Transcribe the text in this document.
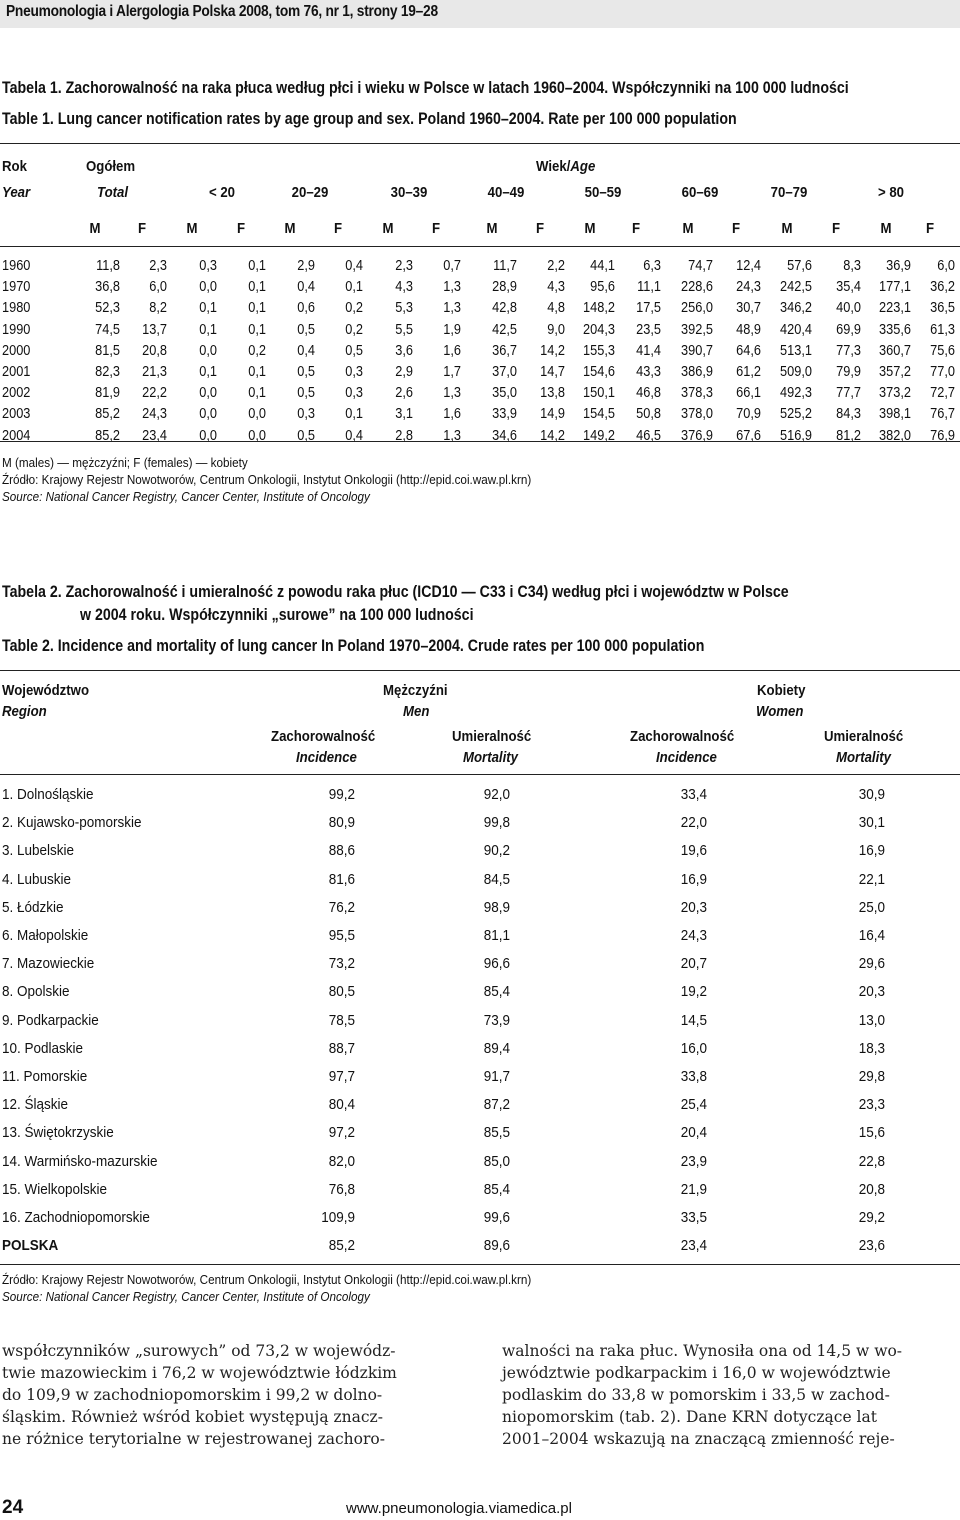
Pneumonologia i Alergologia Polska 2008, tom 76, nr 1, strony 19–28
Tabela 1. Zachorowalność na raka płuca według płci i wieku w Polsce w latach 1960–2004. Współczynniki na 100 000 ludności
Table 1. Lung cancer notification rates by age group and sex. Poland 1960–2004. Rate per 100 000 population
Rok
Year
Ogółem
Total
Wiek/Age
< 20	20–29	30–39	40–49	50–59	60–69	70–79	> 80
M	F	M	F	M	F	M	F	M	F	M	F	M	F	M	F	M	F
1960	11,8	2,3	0,3	0,1	2,9	0,4	2,3	0,7	11,7	2,2	44,1	6,3	74,7	12,4	57,6	8,3	36,9	6,0
1970	36,8	6,0	0,0	0,1	0,4	0,1	4,3	1,3	28,9	4,3	95,6	11,1	228,6	24,3	242,5	35,4	177,1	36,2
1980	52,3	8,2	0,1	0,1	0,6	0,2	5,3	1,3	42,8	4,8	148,2	17,5	256,0	30,7	346,2	40,0	223,1	36,5
1990	74,5	13,7	0,1	0,1	0,5	0,2	5,5	1,9	42,5	9,0	204,3	23,5	392,5	48,9	420,4	69,9	335,6	61,3
2000	81,5	20,8	0,0	0,2	0,4	0,5	3,6	1,6	36,7	14,2	155,3	41,4	390,7	64,6	513,1	77,3	360,7	75,6
2001	82,3	21,3	0,1	0,1	0,5	0,3	2,9	1,7	37,0	14,7	154,6	43,3	386,9	61,2	509,0	79,9	357,2	77,0
2002	81,9	22,2	0,0	0,1	0,5	0,3	2,6	1,3	35,0	13,8	150,1	46,8	378,3	66,1	492,3	77,7	373,2	72,7
2003	85,2	24,3	0,0	0,0	0,3	0,1	3,1	1,6	33,9	14,9	154,5	50,8	378,0	70,9	525,2	84,3	398,1	76,7
2004	85,2	23,4	0,0	0,0	0,5	0,4	2,8	1,3	34,6	14,2	149,2	46,5	376,9	67,6	516,9	81,2	382,0	76,9
M (males) — mężczyźni; F (females) — kobiety
Źródło: Krajowy Rejestr Nowotworów, Centrum Onkologii, Instytut Onkologii (http://epid.coi.waw.pl.krn)
Source: National Cancer Registry, Cancer Center, Institute of Oncology
Tabela 2. Zachorowalność i umieralność z powodu raka płuc (ICD10 — C33 i C34) według płci i województw w Polsce
w 2004 roku. Współczynniki „surowe” na 100 000 ludności
Table 2. Incidence and mortality of lung cancer In Poland 1970–2004. Crude rates per 100 000 population
Województwo
Region
Mężczyźni
Men
Kobiety
Women
Zachorowalność
Incidence
Umieralność
Mortality
Zachorowalność
Incidence
Umieralność
Mortality
1. Dolnośląskie	99,2	92,0	33,4	30,9
2. Kujawsko-pomorskie	80,9	99,8	22,0	30,1
3. Lubelskie	88,6	90,2	19,6	16,9
4. Lubuskie	81,6	84,5	16,9	22,1
5. Łódzkie	76,2	98,9	20,3	25,0
6. Małopolskie	95,5	81,1	24,3	16,4
7. Mazowieckie	73,2	96,6	20,7	29,6
8. Opolskie	80,5	85,4	19,2	20,3
9. Podkarpackie	78,5	73,9	14,5	13,0
10. Podlaskie	88,7	89,4	16,0	18,3
11. Pomorskie	97,7	91,7	33,8	29,8
12. Śląskie	80,4	87,2	25,4	23,3
13. Świętokrzyskie	97,2	85,5	20,4	15,6
14. Warmińsko-mazurskie	82,0	85,0	23,9	22,8
15. Wielkopolskie	76,8	85,4	21,9	20,8
16. Zachodniopomorskie	109,9	99,6	33,5	29,2
POLSKA	85,2	89,6	23,4	23,6
Źródło: Krajowy Rejestr Nowotworów, Centrum Onkologii, Instytut Onkologii (http://epid.coi.waw.pl.krn)
Source: National Cancer Registry, Cancer Center, Institute of Oncology
współczynników „surowych” od 73,2 w wojewódz-
twie mazowieckim i 76,2 w województwie łódzkim
do 109,9 w zachodniopomorskim i 99,2 w dolno-
śląskim. Również wśród kobiet występują znacz-
ne różnice terytorialne w rejestrowanej zachoro-
walności na raka płuc. Wynosiła ona od 14,5 w wo-
jewództwie podkarpackim i 16,0 w województwie
podlaskim do 33,8 w pomorskim i 33,5 w zachod-
niopomorskim (tab. 2). Dane KRN dotyczące lat
2001–2004 wskazują na znaczącą zmienność reje-
24	www.pneumonologia.viamedica.pl
